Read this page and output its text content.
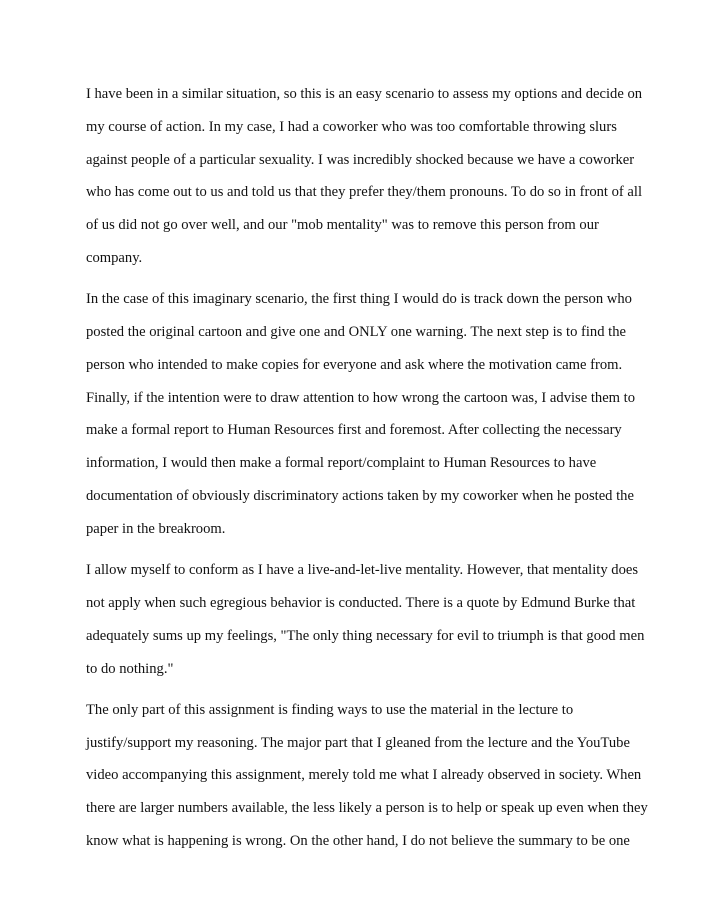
I have been in a similar situation, so this is an easy scenario to assess my options and decide on
my course of action. In my case, I had a coworker who was too comfortable throwing slurs
against people of a particular sexuality. I was incredibly shocked because we have a coworker
who has come out to us and told us that they prefer they/them pronouns. To do so in front of all
of us did not go over well, and our "mob mentality" was to remove this person from our
company.
In the case of this imaginary scenario, the first thing I would do is track down the person who
posted the original cartoon and give one and ONLY one warning. The next step is to find the
person who intended to make copies for everyone and ask where the motivation came from.
Finally, if the intention were to draw attention to how wrong the cartoon was, I advise them to
make a formal report to Human Resources first and foremost. After collecting the necessary
information, I would then make a formal report/complaint to Human Resources to have
documentation of obviously discriminatory actions taken by my coworker when he posted the
paper in the breakroom.
I allow myself to conform as I have a live-and-let-live mentality. However, that mentality does
not apply when such egregious behavior is conducted. There is a quote by Edmund Burke that
adequately sums up my feelings, "The only thing necessary for evil to triumph is that good men
to do nothing."
The only part of this assignment is finding ways to use the material in the lecture to
justify/support my reasoning. The major part that I gleaned from the lecture and the YouTube
video accompanying this assignment, merely told me what I already observed in society. When
there are larger numbers available, the less likely a person is to help or speak up even when they
know what is happening is wrong. On the other hand, I do not believe the summary to be one
